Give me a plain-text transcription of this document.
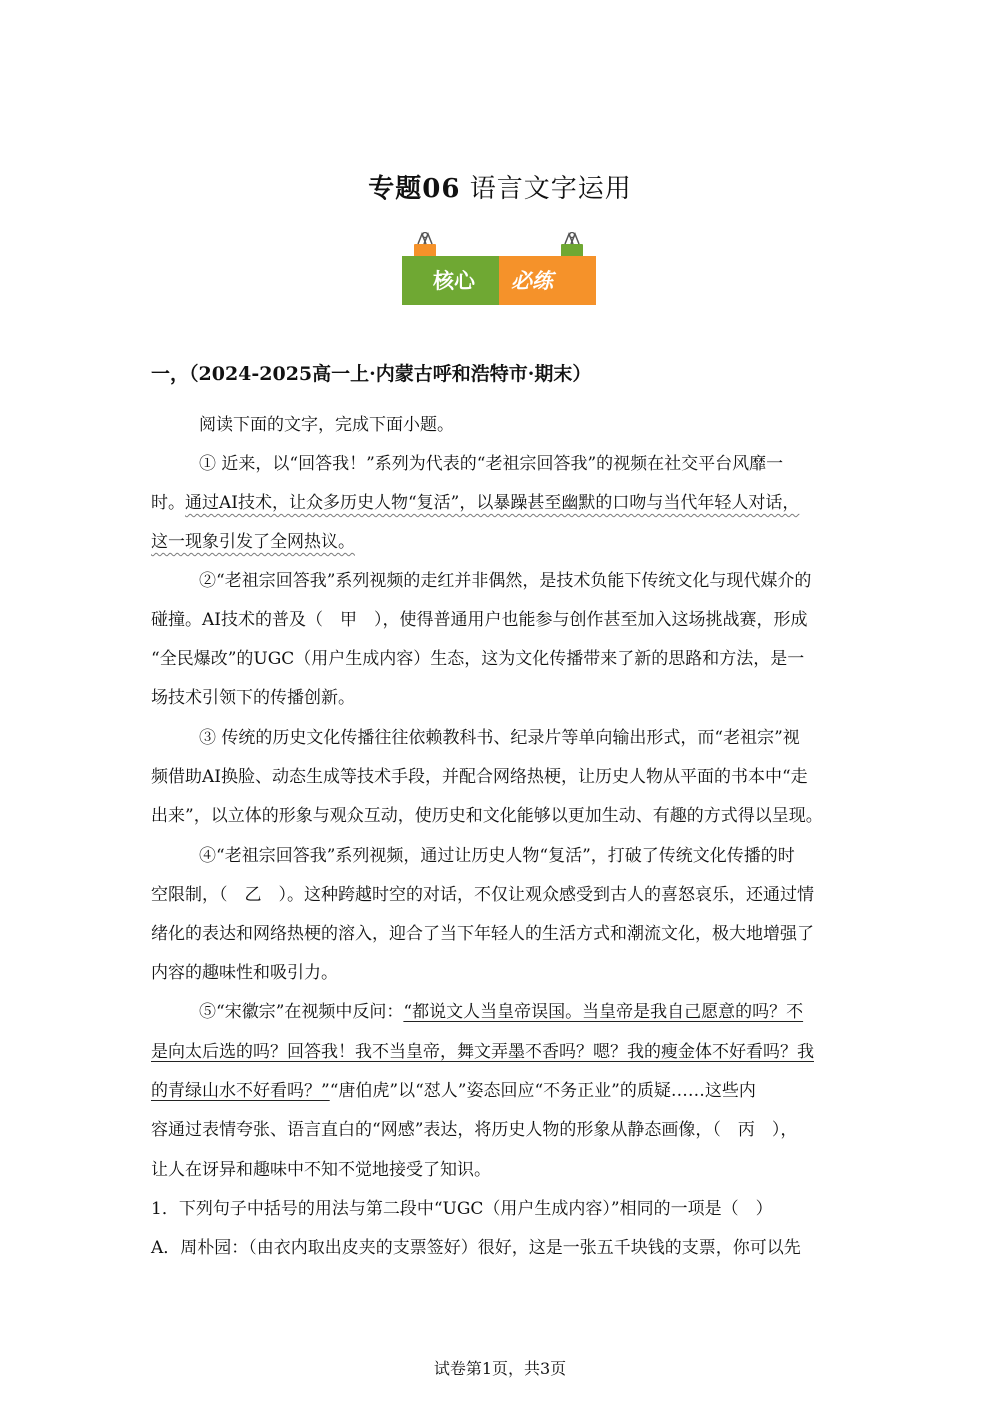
专题06 语言文字运用
核心 必练
一，（2024-2025高一上·内蒙古呼和浩特市·期末）
阅读下面的文字，完成下面小题。
① 近来，以“回答我！”系列为代表的“老祖宗回答我”的视频在社交平台风靡一
时。通过AI技术，让众多历史人物“复活”，以暴躁甚至幽默的口吻与当代年轻人对话，
这一现象引发了全网热议。
②“老祖宗回答我”系列视频的走红并非偶然，是技术负能下传统文化与现代媒介的
碰撞。AI技术的普及（　甲　），使得普通用户也能参与创作甚至加入这场挑战赛，形成
“全民爆改”的UGC（用户生成内容）生态，这为文化传播带来了新的思路和方法，是一
场技术引领下的传播创新。
③ 传统的历史文化传播往往依赖教科书、纪录片等单向输出形式，而“老祖宗”视
频借助AI换脸、动态生成等技术手段，并配合网络热梗，让历史人物从平面的书本中“走
出来”，以立体的形象与观众互动，使历史和文化能够以更加生动、有趣的方式得以呈现。
④“老祖宗回答我”系列视频，通过让历史人物“复活”，打破了传统文化传播的时
空限制，（　乙　）。这种跨越时空的对话，不仅让观众感受到古人的喜怒哀乐，还通过情
绪化的表达和网络热梗的溶入，迎合了当下年轻人的生活方式和潮流文化，极大地增强了
内容的趣味性和吸引力。
⑤“宋徽宗”在视频中反问：“都说文人当皇帝误国。当皇帝是我自己愿意的吗？不
是向太后选的吗？回答我！我不当皇帝，舞文弄墨不香吗？嗯？我的瘦金体不好看吗？我
的青绿山水不好看吗？”“唐伯虎”以“怼人”姿态回应“不务正业”的质疑……这些内
容通过表情夸张、语言直白的“网感”表达，将历史人物的形象从静态画像，（　丙　），
让人在讶异和趣味中不知不觉地接受了知识。
1．下列句子中括号的用法与第二段中“UGC（用户生成内容）”相同的一项是（　）
A．周朴园：（由衣内取出皮夹的支票签好）很好，这是一张五千块钱的支票，你可以先
试卷第1页，共3页
